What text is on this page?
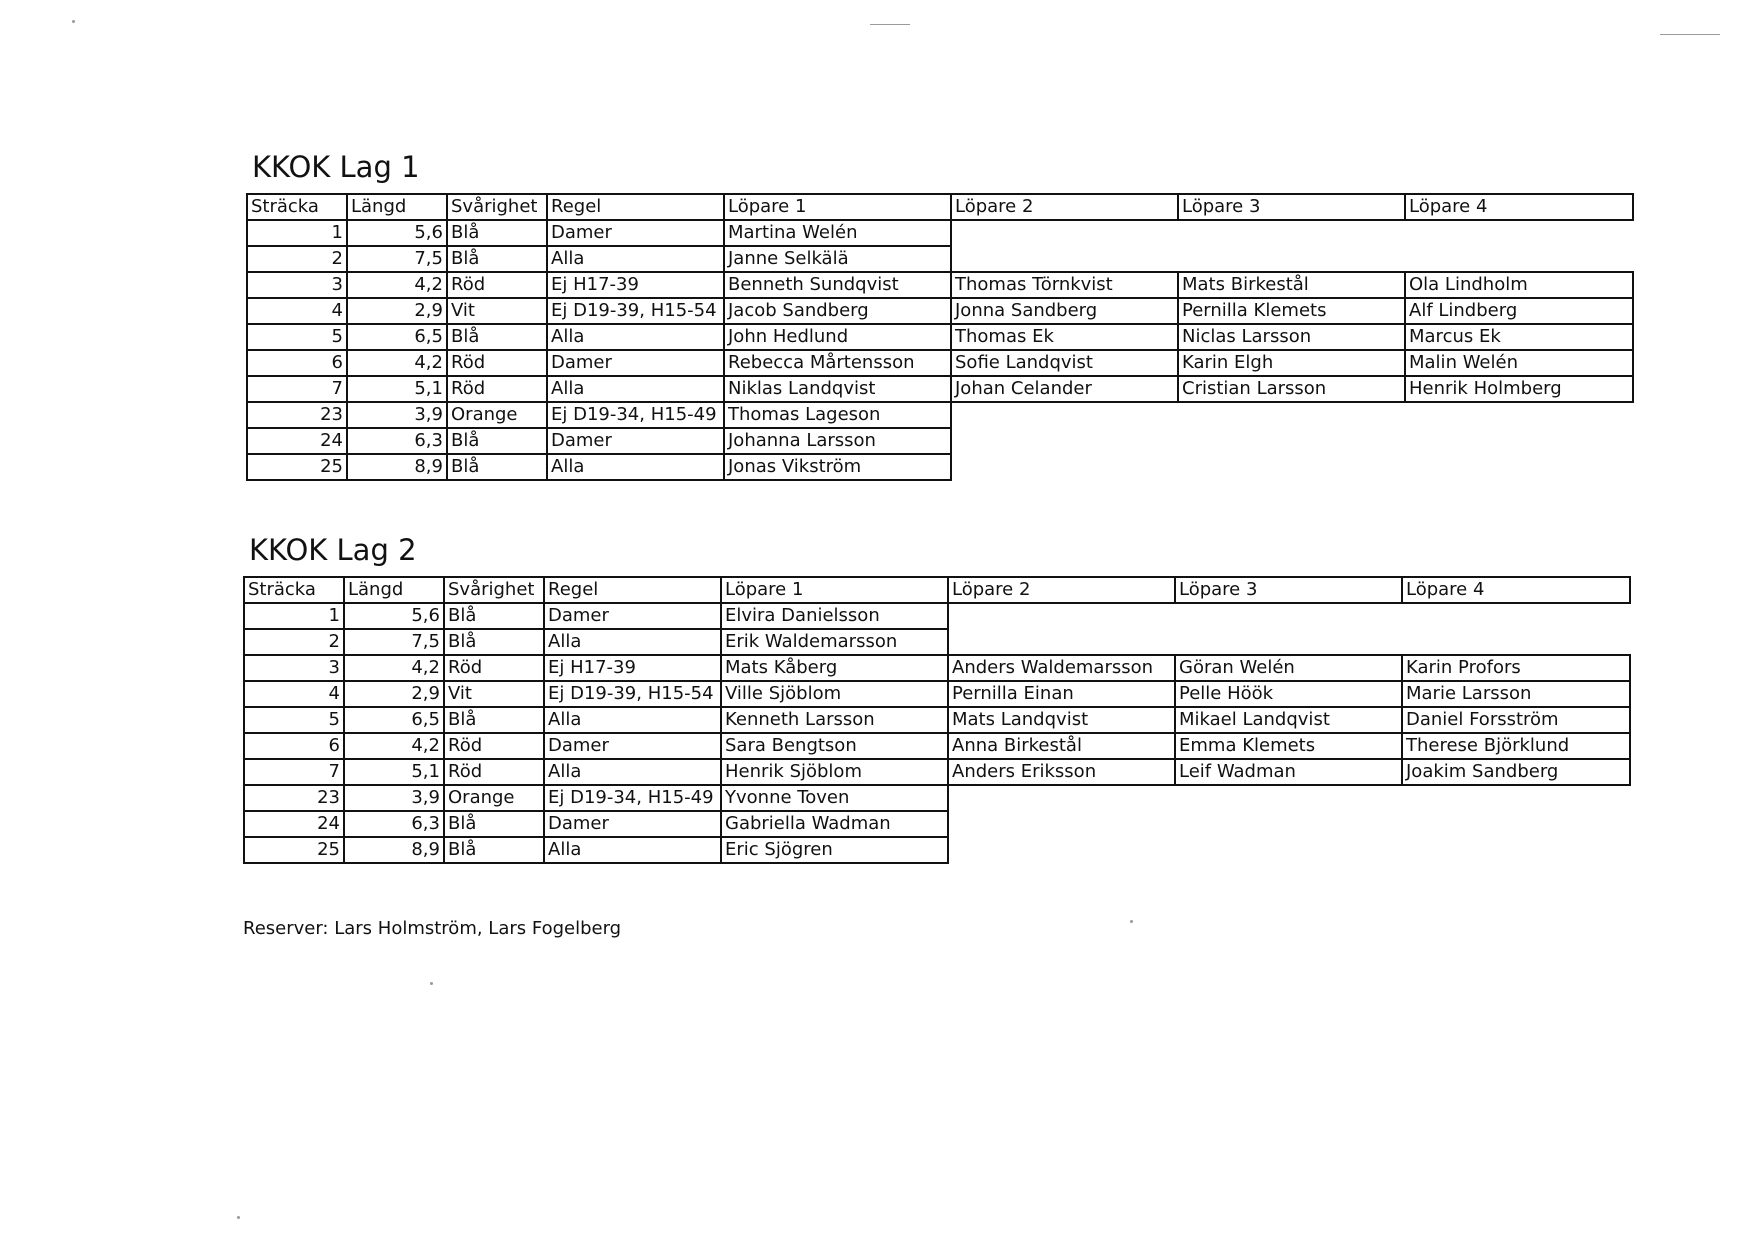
KKOK Lag 1
Sträcka	Längd	Svårighet	Regel	Löpare 1	Löpare 2	Löpare 3	Löpare 4
1	5,6	Blå	Damer	Martina Welén			
2	7,5	Blå	Alla	Janne Selkälä			
3	4,2	Röd	Ej H17-39	Benneth Sundqvist	Thomas Törnkvist	Mats Birkestål	Ola Lindholm
4	2,9	Vit	Ej D19-39, H15-54	Jacob Sandberg	Jonna Sandberg	Pernilla Klemets	Alf Lindberg
5	6,5	Blå	Alla	John Hedlund	Thomas Ek	Niclas Larsson	Marcus Ek
6	4,2	Röd	Damer	Rebecca Mårtensson	Sofie Landqvist	Karin Elgh	Malin Welén
7	5,1	Röd	Alla	Niklas Landqvist	Johan Celander	Cristian Larsson	Henrik Holmberg
23	3,9	Orange	Ej D19-34, H15-49	Thomas Lageson			
24	6,3	Blå	Damer	Johanna Larsson			
25	8,9	Blå	Alla	Jonas Vikström			
KKOK Lag 2
Sträcka	Längd	Svårighet	Regel	Löpare 1	Löpare 2	Löpare 3	Löpare 4
1	5,6	Blå	Damer	Elvira Danielsson			
2	7,5	Blå	Alla	Erik Waldemarsson			
3	4,2	Röd	Ej H17-39	Mats Kåberg	Anders Waldemarsson	Göran Welén	Karin Profors
4	2,9	Vit	Ej D19-39, H15-54	Ville Sjöblom	Pernilla Einan	Pelle Höök	Marie Larsson
5	6,5	Blå	Alla	Kenneth Larsson	Mats Landqvist	Mikael Landqvist	Daniel Forsström
6	4,2	Röd	Damer	Sara Bengtson	Anna Birkestål	Emma Klemets	Therese Björklund
7	5,1	Röd	Alla	Henrik Sjöblom	Anders Eriksson	Leif Wadman	Joakim Sandberg
23	3,9	Orange	Ej D19-34, H15-49	Yvonne Toven			
24	6,3	Blå	Damer	Gabriella Wadman			
25	8,9	Blå	Alla	Eric Sjögren			
Reserver: Lars Holmström, Lars Fogelberg
